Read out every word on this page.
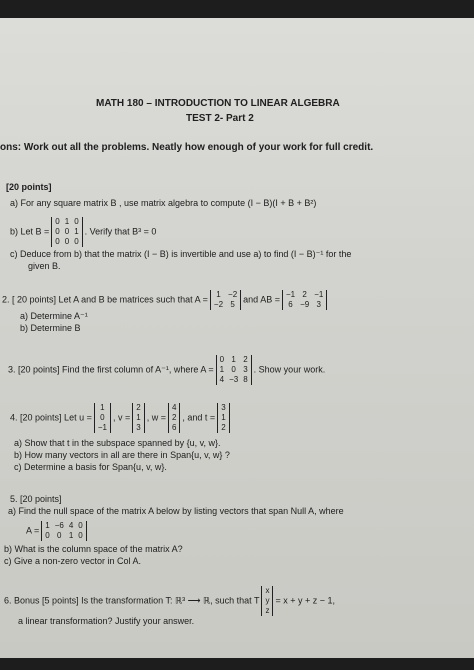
MATH 180 – INTRODUCTION TO LINEAR ALGEBRA
TEST 2- Part 2
ons: Work out all the problems. Neatly how enough of your work for full credit.
[20 points]
a) For any square matrix B , use matrix algebra to compute (I − B)(I + B + B²)
b) Let B =
0 1 0
0 0 1
0 0 0
. Verify that B³ = 0
c) Deduce from b) that the matrix (I − B) is invertible and use a) to find (I − B)⁻¹ for the
given B.
2. [ 20 points] Let A and B be matrices such that A = 1 −2
−2 5
and AB = −1 2 −1
6 −9 3
a) Determine A⁻¹
b) Determine B
3. [20 points] Find the first column of A⁻¹, where A =
0 1 2
1 0 3
4 −3 8
. Show your work.
4. [20 points] Let u =
1
0
−1
, v =
2
1
3
, w =
4
2
6
, and t =
3
1
2
a) Show that t in the subspace spanned by {u, v, w}.
b) How many vectors in all are there in Span{u, v, w} ?
c) Determine a basis for Span{u, v, w}.
5. [20 points]
a) Find the null space of the matrix A below by listing vectors that span Null A, where
A = 1 −6 4 0
0 0 1 0
b) What is the column space of the matrix A?
c) Give a non-zero vector in Col A.
6. Bonus [5 points] Is the transformation T: ℝ³ ⟶ ℝ, such that T
x
y
z
= x + y + z − 1,
a linear transformation? Justify your answer.
